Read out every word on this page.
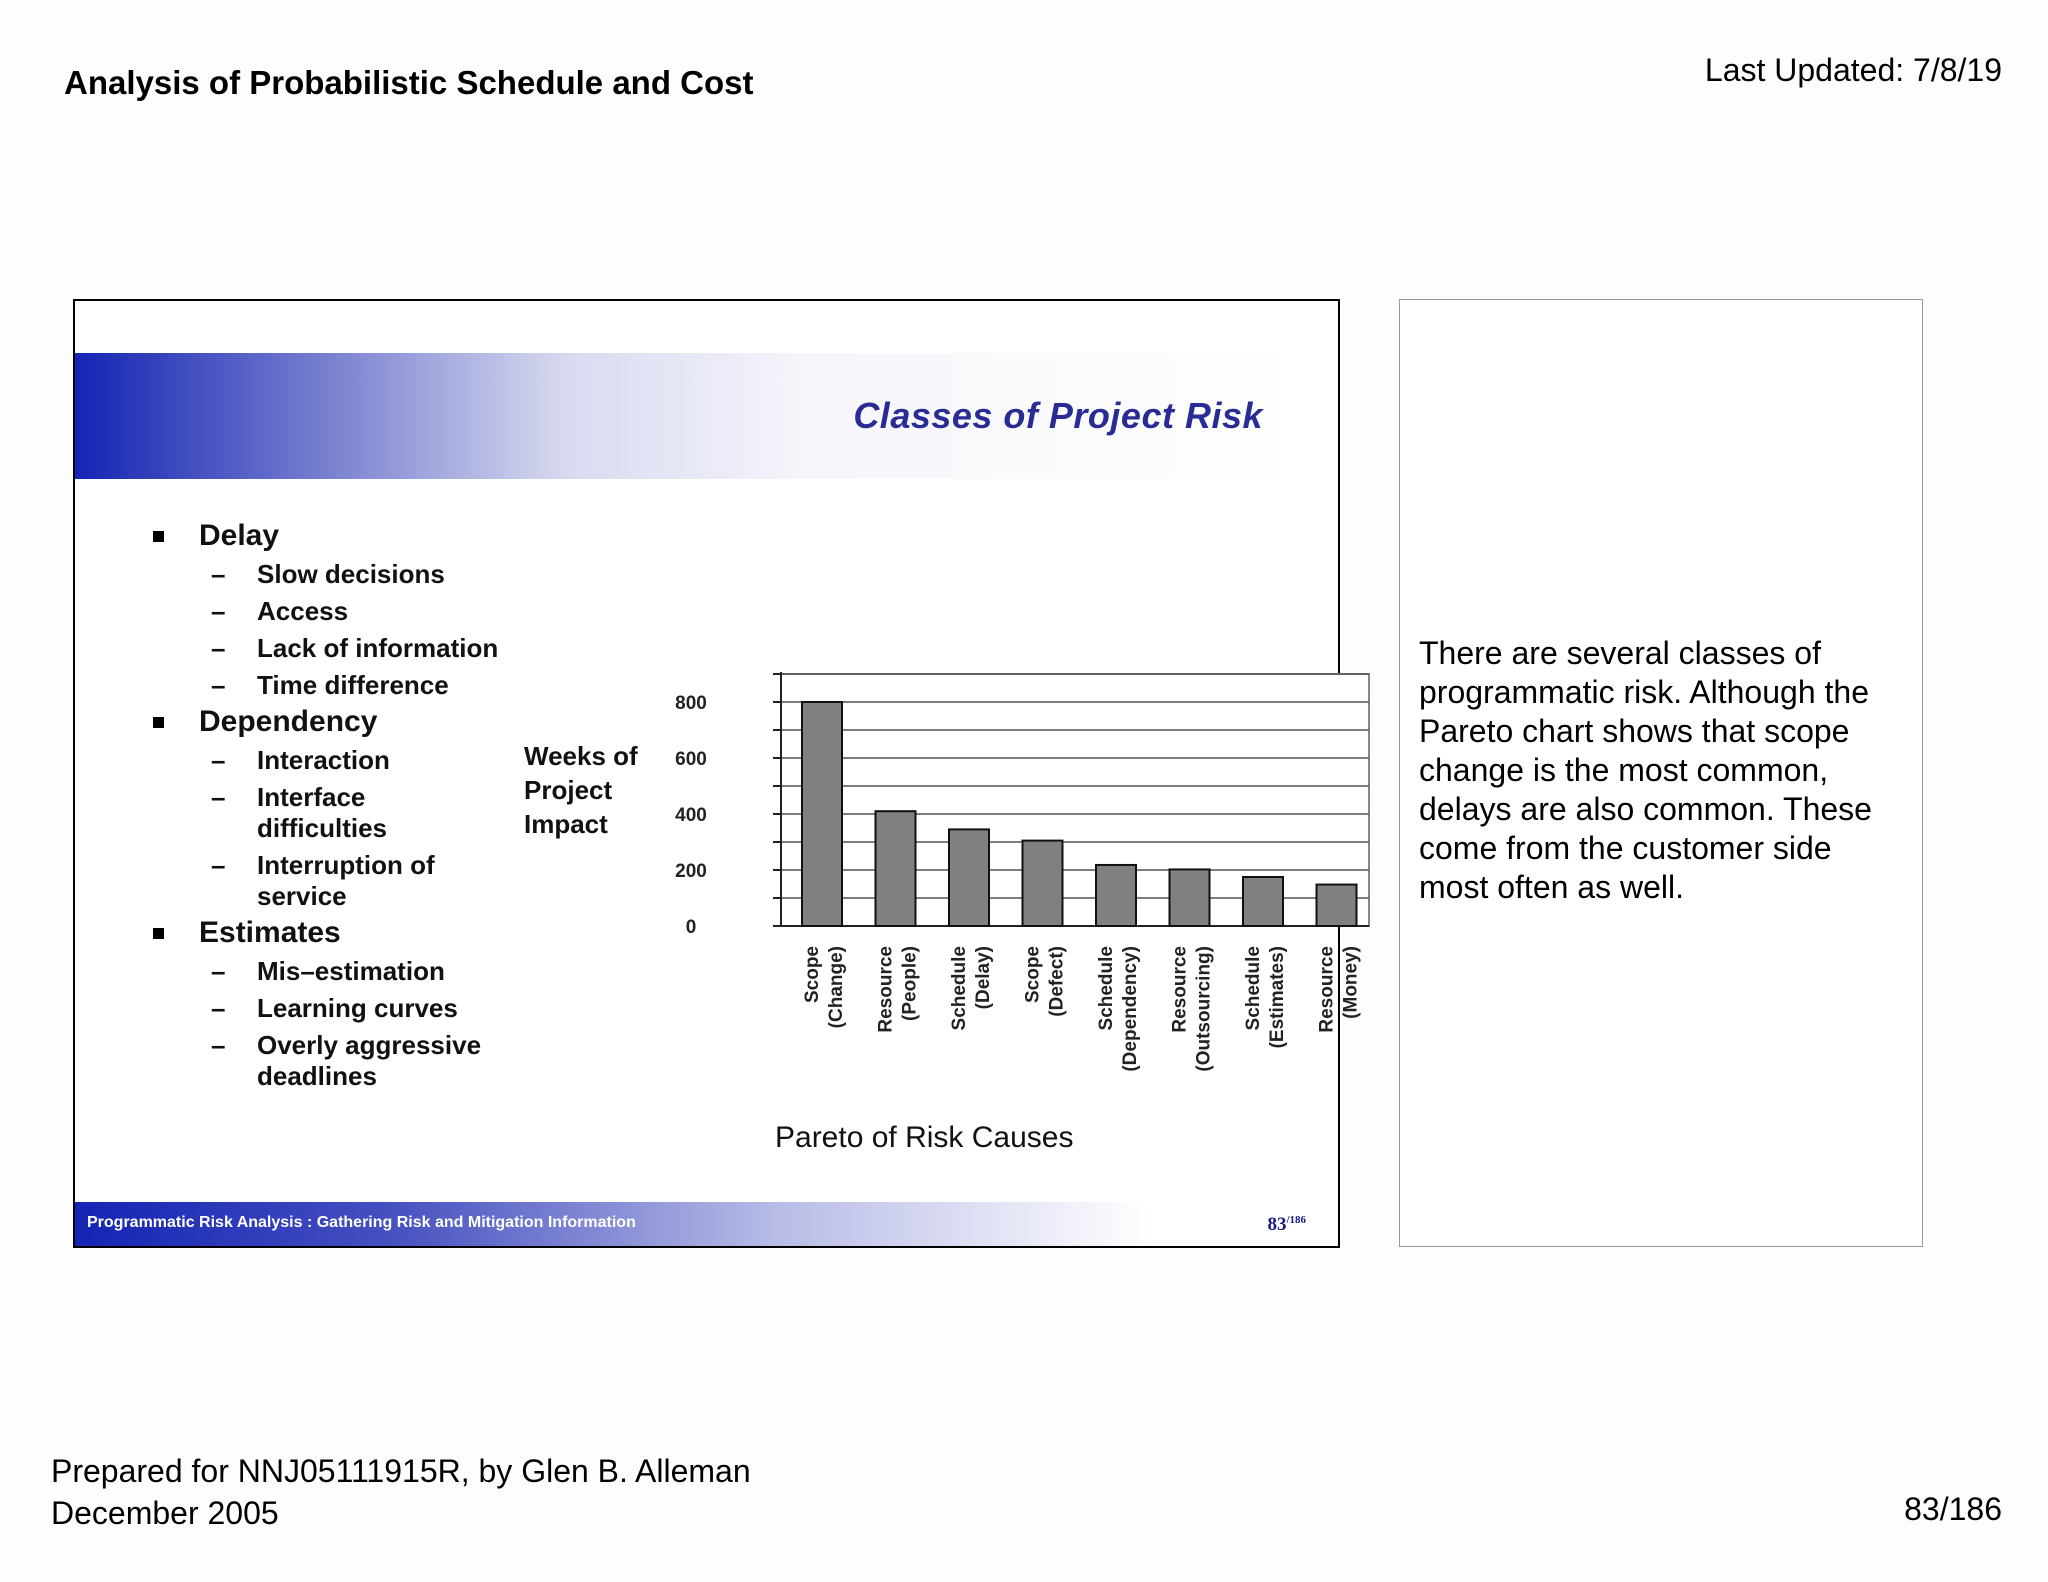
Analysis of Probabilistic Schedule and Cost	Last Updated: 7/8/19
Classes of Project Risk
Delay
– Slow decisions
– Access
– Lack of information
– Time difference
Dependency
– Interaction
– Interface difficulties
– Interruption of service
Estimates
– Mis–estimation
– Learning curves
– Overly aggressive deadlines
Weeks of Project Impact
0
200
400
600
800
Scope (Change) Resource (People) Schedule (Delay) Scope (Defect) Schedule (Dependency) Resource (Outsourcing) Schedule (Estimates) Resource (Money)
Pareto of Risk Causes
Programmatic Risk Analysis : Gathering Risk and Mitigation Information	$83^{/186}$
There are several classes of programmatic risk. Although the Pareto chart shows that scope change is the most common, delays are also common. These come from the customer side most often as well.
Prepared for NNJ05111915R, by Glen B. Alleman
December 2005	83/186
